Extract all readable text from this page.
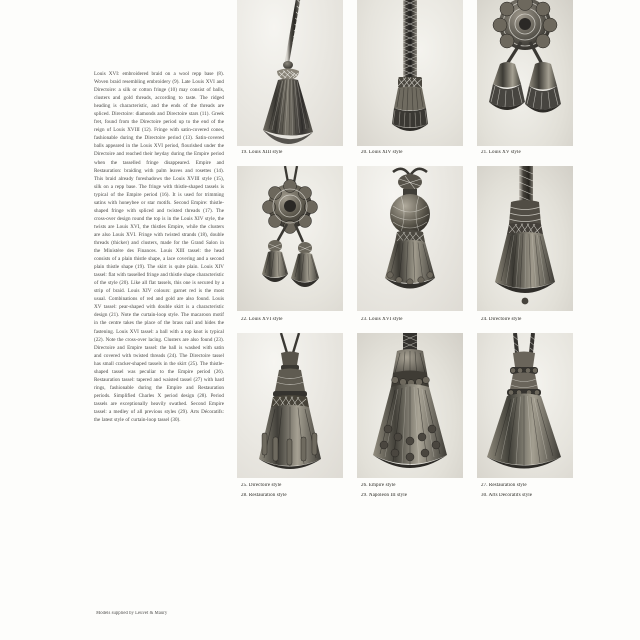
Louis XVI: embroidered braid on a wool repp base (8). Woven braid resembling embroidery (9). Late Louis XVI and Directoire: a silk or cotton fringe (10) may consist of balls, clusters and gold threads, according to taste. The ridged heading is characteristic, and the ends of the threads are spliced. Directoire: diamonds and Directoire stars (11). Greek fret, found from the Directoire period up to the end of the reign of Louis XVIII (12). Fringe with satin-covered cones, fashionable during the Directoire period (13). Satin-covered balls appeared in the Louis XVI period, flourished under the Directoire and reached their heyday during the Empire period when the tasselled fringe disappeared. Empire and Restauration: braiding with palm leaves and rosettes (14). This braid already foreshadows the Louis XVIII style (15), silk on a repp base. The fringe with thistle-shaped tassels is typical of the Empire period (16). It is used for trimming satins with honeybee or star motifs. Second Empire: thistle-shaped fringe with spliced and twisted threads (17). The cross-over design round the top is in the Louis XIV style, the twists are Louis XVI, the thistles Empire, while the clusters are also Louis XVI. Fringe with twisted strands (18), double threads (thicker) and clusters, made for the Grand Salon in the Ministère des Finances. Louis XIII tassel: the head consists of a plain thistle shape, a lace covering and a second plain thistle shape (19). The skirt is quite plain. Louis XIV tassel: flat with tasselled fringe and thistle shape characteristic of the style (20). Like all flat tassels, this one is secured by a strip of braid. Louis XIV colours: garnet red is the most usual. Combinations of red and gold are also found. Louis XV tassel: pear-shaped with double skirt is a characteristic design (21). Note the curtain-loop style. The macaroon motif in the centre takes the place of the brass nail and hides the fastening. Louis XVI tassel: a ball with a top knot is typical (22). Note the cross-over lacing. Clusters are also found (23). Directoire and Empire tassel: the ball is washed with satin and covered with twisted threads (24). The Directoire tassel has small cracker-shaped tassels in the skirt (25). The thistle-shaped tassel was peculiar to the Empire period (26). Restauration tassel: tapered and waisted tassel (27) with hard rings, fashionable during the Empire and Restauration periods. Simplified Charles X period design (28). Period tassels are exceptionally heavily swathed. Second Empire tassel: a medley of all previous styles (29). Arts Décoratifs: the latest style of curtain-loop tassel (30).
Models supplied by Leuvet & Maury
19. Louis XIII style	20. Louis XIV style	21. Louis XV style
22. Louis XVI style	23. Louis XVI style	24. Directoire style
25. Directoire style
28. Restauration style
26. Empire style
29. Napoleon III style
27. Restauration style
30. Arts Décoratifs style
